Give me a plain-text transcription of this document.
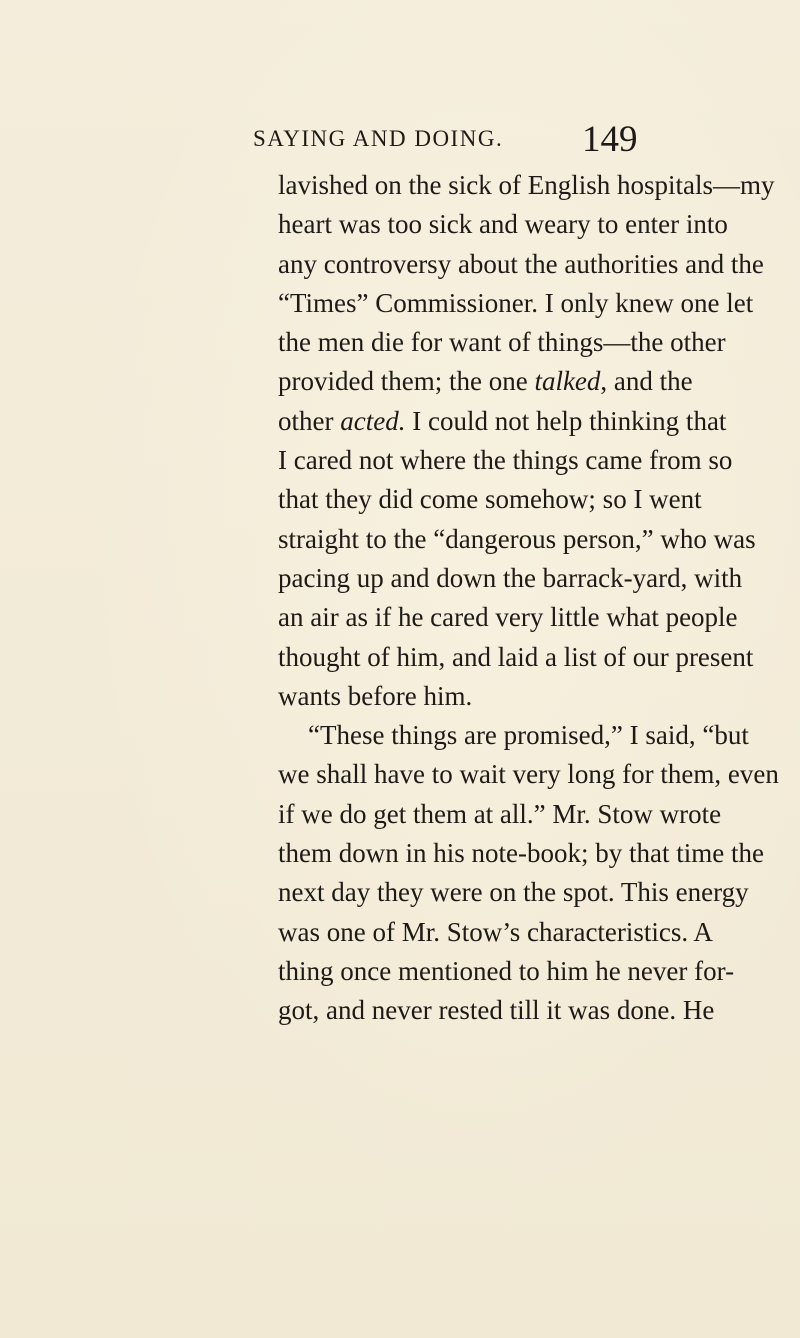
SAYING AND DOING. 149
lavished on the sick of English hospitals—my
heart was too sick and weary to enter into
any controversy about the authorities and the
“Times” Commissioner. I only knew one let
the men die for want of things—the other
provided them; the one talked, and the
other acted. I could not help thinking that
I cared not where the things came from so
that they did come somehow; so I went
straight to the “dangerous person,” who was
pacing up and down the barrack-yard, with
an air as if he cared very little what people
thought of him, and laid a list of our present
wants before him.
“These things are promised,” I said, “but
we shall have to wait very long for them, even
if we do get them at all.” Mr. Stow wrote
them down in his note-book; by that time the
next day they were on the spot. This energy
was one of Mr. Stow’s characteristics. A
thing once mentioned to him he never for-
got, and never rested till it was done. He
